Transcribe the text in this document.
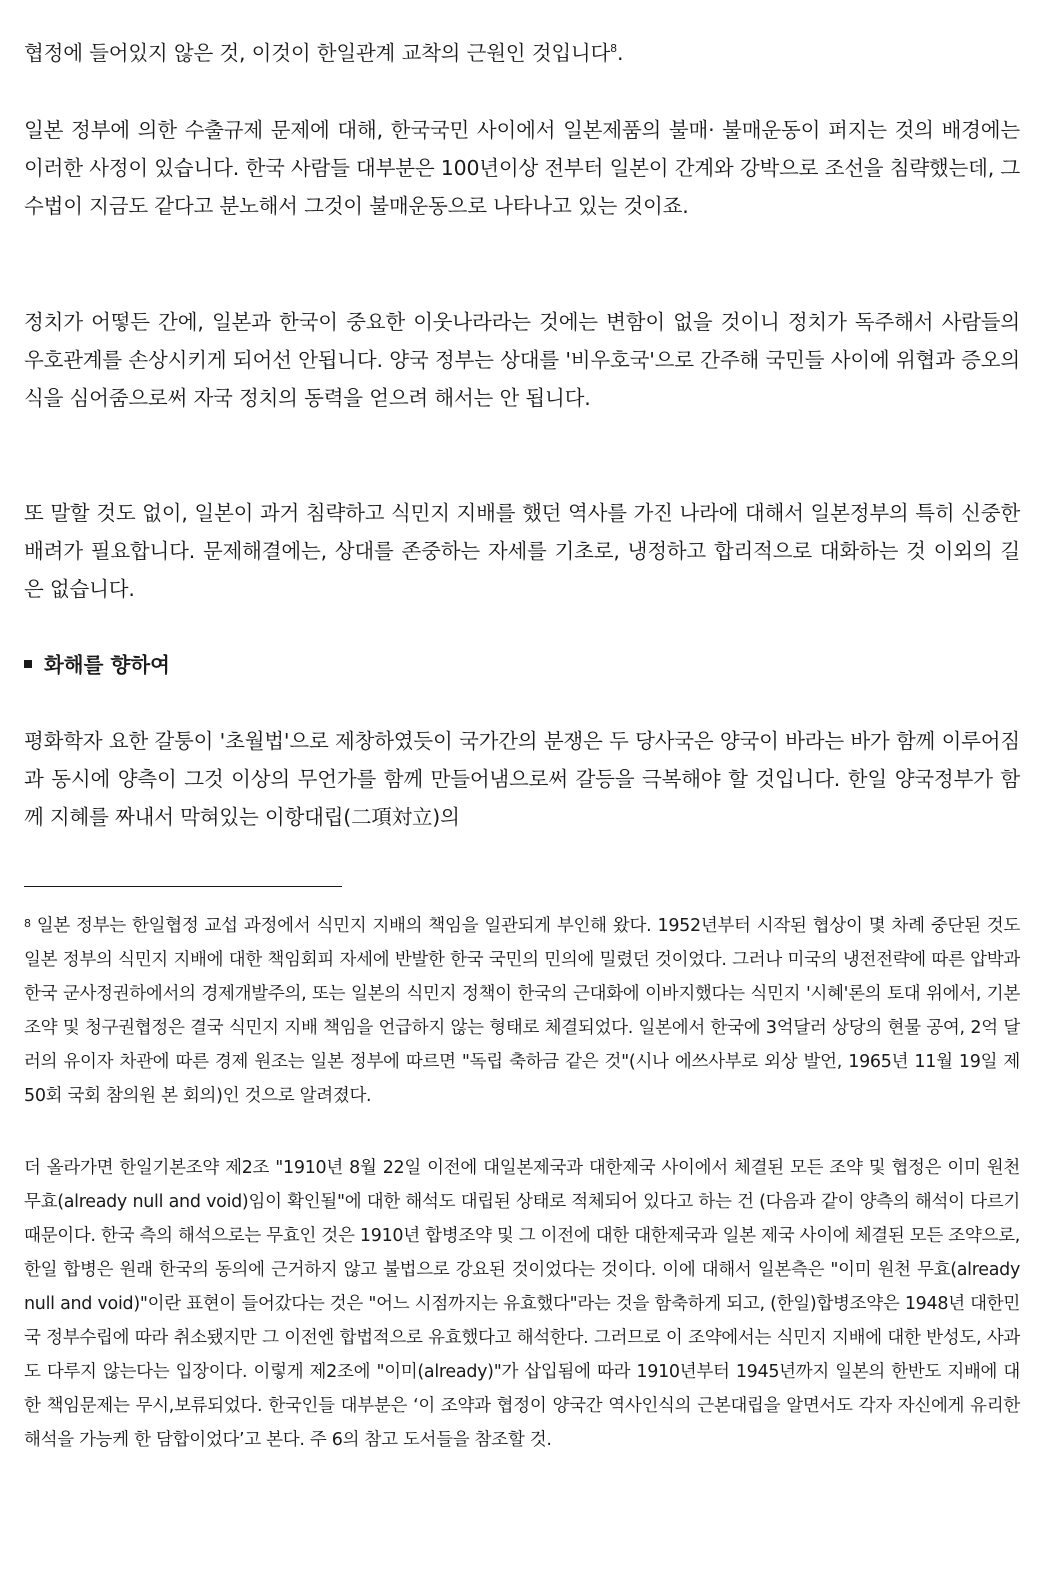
협정에 들어있지 않은 것, 이것이 한일관계 교착의 근원인 것입니다$^8$.

일본 정부에 의한 수출규제 문제에 대해, 한국국민 사이에서 일본제품의 불매· 불매운동이 퍼지는 것의 배경에는 이러한 사정이 있습니다. 한국 사람들 대부분은 100년이상 전부터 일본이 간계와 강박으로 조선을 침략했는데, 그 수법이 지금도 같다고 분노해서 그것이 불매운동으로 나타나고 있는 것이죠.

정치가 어떻든 간에, 일본과 한국이 중요한 이웃나라라는 것에는 변함이 없을 것이니 정치가 독주해서 사람들의 우호관계를 손상시키게 되어선 안됩니다. 양국 정부는 상대를 '비우호국'으로 간주해 국민들 사이에 위협과 증오의식을 심어줌으로써 자국 정치의 동력을 얻으려 해서는 안 됩니다.

또 말할 것도 없이, 일본이 과거 침략하고 식민지 지배를 했던 역사를 가진 나라에 대해서 일본정부의 특히 신중한 배려가 필요합니다. 문제해결에는, 상대를 존중하는 자세를 기초로, 냉정하고 합리적으로 대화하는 것 이외의 길은 없습니다.

화해를 향하여

평화학자 요한 갈퉁이 '초월법'으로 제창하였듯이 국가간의 분쟁은 두 당사국은 양국이 바라는 바가 함께 이루어짐과 동시에 양측이 그것 이상의 무언가를 함께 만들어냄으로써 갈등을 극복해야 할 것입니다. 한일 양국정부가 함께 지혜를 짜내서 막혀있는 이항대립(二項対立)의

$^8$ 일본 정부는 한일협정 교섭 과정에서 식민지 지배의 책임을 일관되게 부인해 왔다. 1952년부터 시작된 협상이 몇 차례 중단된 것도 일본 정부의 식민지 지배에 대한 책임회피 자세에 반발한 한국 국민의 민의에 밀렸던 것이었다. 그러나 미국의 냉전전략에 따른 압박과 한국 군사정권하에서의 경제개발주의, 또는 일본의 식민지 정책이 한국의 근대화에 이바지했다는 식민지 '시혜'론의 토대 위에서, 기본조약 및 청구권협정은 결국 식민지 지배 책임을 언급하지 않는 형태로 체결되었다. 일본에서 한국에 3억달러 상당의 현물 공여, 2억 달러의 유이자 차관에 따른 경제 원조는 일본 정부에 따르면 "독립 축하금 같은 것"(시나 에쓰사부로 외상 발언, 1965년 11월 19일 제50회 국회 참의원 본 회의)인 것으로 알려졌다.

더 올라가면 한일기본조약 제2조 "1910년 8월 22일 이전에 대일본제국과 대한제국 사이에서 체결된 모든 조약 및 협정은 이미 원천 무효(already null and void)임이 확인될"에 대한 해석도 대립된 상태로 적체되어 있다고 하는 건 (다음과 같이 양측의 해석이 다르기 때문이다. 한국 측의 해석으로는 무효인 것은 1910년 합병조약 및 그 이전에 대한 대한제국과 일본 제국 사이에 체결된 모든 조약으로, 한일 합병은 원래 한국의 동의에 근거하지 않고 불법으로 강요된 것이었다는 것이다. 이에 대해서 일본측은 "이미 원천 무효(already null and void)"이란 표현이 들어갔다는 것은 "어느 시점까지는 유효했다"라는 것을 함축하게 되고, (한일)합병조약은 1948년 대한민국 정부수립에 따라 취소됐지만 그 이전엔 합법적으로 유효했다고 해석한다. 그러므로 이 조약에서는 식민지 지배에 대한 반성도, 사과도 다루지 않는다는 입장이다. 이렇게 제2조에 "이미(already)"가 삽입됨에 따라 1910년부터 1945년까지 일본의 한반도 지배에 대한 책임문제는 무시,보류되었다. 한국인들 대부분은 ‘이 조약과 협정이 양국간 역사인식의 근본대립을 알면서도 각자 자신에게 유리한 해석을 가능케 한 담합이었다’고 본다. 주 6의 참고 도서들을 참조할 것.
